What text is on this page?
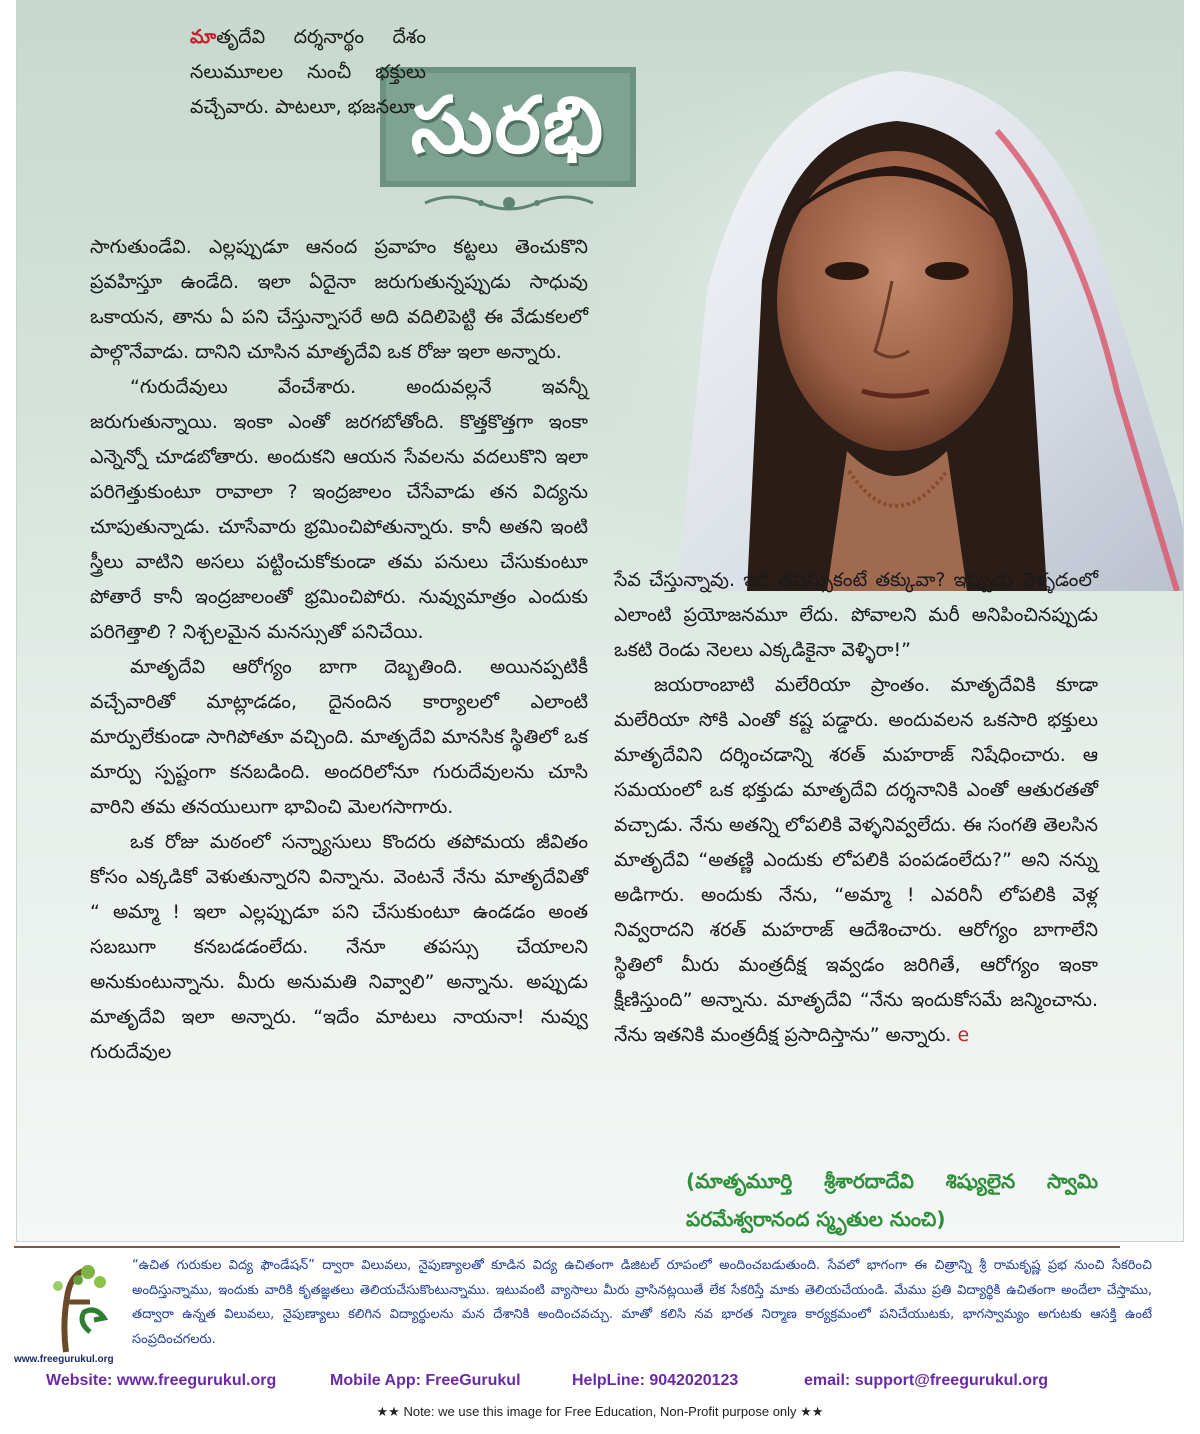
సురభి

మాతృదేవి దర్శనార్థం దేశం నలుమూలల నుంచీ భక్తులు వచ్చేవారు. పాటలూ, భజనలూ

సాగుతుండేవి. ఎల్లప్పుడూ ఆనంద ప్రవాహం కట్టలు తెంచుకొని ప్రవహిస్తూ ఉండేది. ఇలా ఏదైనా జరుగుతున్నప్పుడు సాధువు ఒకాయన, తాను ఏ పని చేస్తున్నాసరే అది వదిలిపెట్టి ఈ వేడుకలలో పాల్గొనేవాడు. దానిని చూసిన మాతృదేవి ఒక రోజు ఇలా అన్నారు.

“గురుదేవులు వేంచేశారు. అందువల్లనే ఇవన్నీ జరుగుతున్నాయి. ఇంకా ఎంతో జరగబోతోంది. కొత్తకొత్తగా ఇంకా ఎన్నెన్నో చూడబోతారు. అందుకని ఆయన సేవలను వదలుకొని ఇలా పరిగెత్తుకుంటూ రావాలా ? ఇంద్రజాలం చేసేవాడు తన విద్యను చూపుతున్నాడు. చూసేవారు భ్రమించిపోతున్నారు. కానీ అతని ఇంటి స్త్రీలు వాటిని అసలు పట్టించుకోకుండా తమ పనులు చేసుకుంటూ పోతారే కానీ ఇంద్రజాలంతో భ్రమించిపోరు. నువ్వుమాత్రం ఎందుకు పరిగెత్తాలి ? నిశ్చలమైన మనస్సుతో పనిచేయి.

మాతృదేవి ఆరోగ్యం బాగా దెబ్బతింది. అయినప్పటికీ వచ్చేవారితో మాట్లాడడం, దైనందిన కార్యాలలో ఎలాంటి మార్పులేకుండా సాగిపోతూ వచ్చింది. మాతృదేవి మానసిక స్థితిలో ఒక మార్పు స్పష్టంగా కనబడింది. అందరిలోనూ గురుదేవులను చూసి వారిని తమ తనయులుగా భావించి మెలగసాగారు.

ఒక రోజు మఠంలో సన్న్యాసులు కొందరు తపోమయ జీవితం కోసం ఎక్కడికో వెళుతున్నారని విన్నాను. వెంటనే నేను మాతృదేవితో “ అమ్మా ! ఇలా ఎల్లప్పుడూ పని చేసుకుంటూ ఉండడం అంత సబబుగా కనబడడంలేదు. నేనూ తపస్సు చేయాలని అనుకుంటున్నాను. మీరు అనుమతి నివ్వాలి” అన్నాను. అప్పుడు మాతృదేవి ఇలా అన్నారు. “ఇదేం మాటలు నాయనా! నువ్వు గురుదేవుల

సేవ చేస్తున్నావు. ఇది తపస్సుకంటే తక్కువా? ఇప్పుడు వెళ్ళడంలో ఎలాంటి ప్రయోజనమూ లేదు. పోవాలని మరీ అనిపించినప్పుడు ఒకటి రెండు నెలలు ఎక్కడికైనా వెళ్ళిరా!”

జయరాంబాటి మలేరియా ప్రాంతం. మాతృదేవికి కూడా మలేరియా సోకి ఎంతో కష్ట పడ్డారు. అందువలన ఒకసారి భక్తులు మాతృదేవిని దర్శించడాన్ని శరత్ మహరాజ్ నిషేధించారు. ఆ సమయంలో ఒక భక్తుడు మాతృదేవి దర్శనానికి ఎంతో ఆతురతతో వచ్చాడు. నేను అతన్ని లోపలికి వెళ్ళనివ్వలేదు. ఈ సంగతి తెలసిన మాతృదేవి “అతణ్ణి ఎందుకు లోపలికి పంపడంలేదు?” అని నన్ను అడిగారు. అందుకు నేను, “అమ్మా ! ఎవరినీ లోపలికి వెళ్ల నివ్వరాదని శరత్ మహరాజ్ ఆదేశించారు. ఆరోగ్యం బాగాలేని స్థితిలో మీరు మంత్రదీక్ష ఇవ్వడం జరిగితే, ఆరోగ్యం ఇంకా క్షీణిస్తుంది” అన్నాను. మాతృదేవి “నేను ఇందుకోసమే జన్మించాను. నేను ఇతనికి మంత్రదీక్ష ప్రసాదిస్తాను” అన్నారు. e

(మాతృమూర్తి శ్రీశారదాదేవి శిష్యులైన స్వామి పరమేశ్వరానంద స్మృతుల నుంచి)

www.freegurukul.org

“ఉచిత గురుకుల విద్య ఫౌండేషన్” ద్వారా విలువలు, నైపుణ్యాలతో కూడిన విద్య ఉచితంగా డిజిటల్ రూపంలో అందించబడుతుంది. సేవలో భాగంగా ఈ చిత్రాన్ని శ్రీ రామకృష్ణ ప్రభ నుంచి సేకరించి అందిస్తున్నాము, ఇందుకు వారికి కృతజ్ఞతలు తెలియచేసుకొంటున్నాము. ఇటువంటి వ్యాసాలు మీరు వ్రాసినట్లయితే లేక సేకరిస్తే మాకు తెలియచేయండి. మేము ప్రతి విద్యార్థికి ఉచితంగా అందేలా చేస్తాము, తద్వారా ఉన్నత విలువలు, నైపుణ్యాలు కలిగిన విద్యార్థులను మన దేశానికి అందించవచ్చు. మాతో కలిసి నవ భారత నిర్మాణ కార్యక్రమంలో పనిచేయుటకు, భాగస్వామ్యం అగుటకు ఆసక్తి ఉంటే సంప్రదించగలరు.

Website: www.freegurukul.org	Mobile App: FreeGurukul	HelpLine: 9042020123	email: support@freegurukul.org
★★ Note: we use this image for Free Education, Non-Profit purpose only ★★
